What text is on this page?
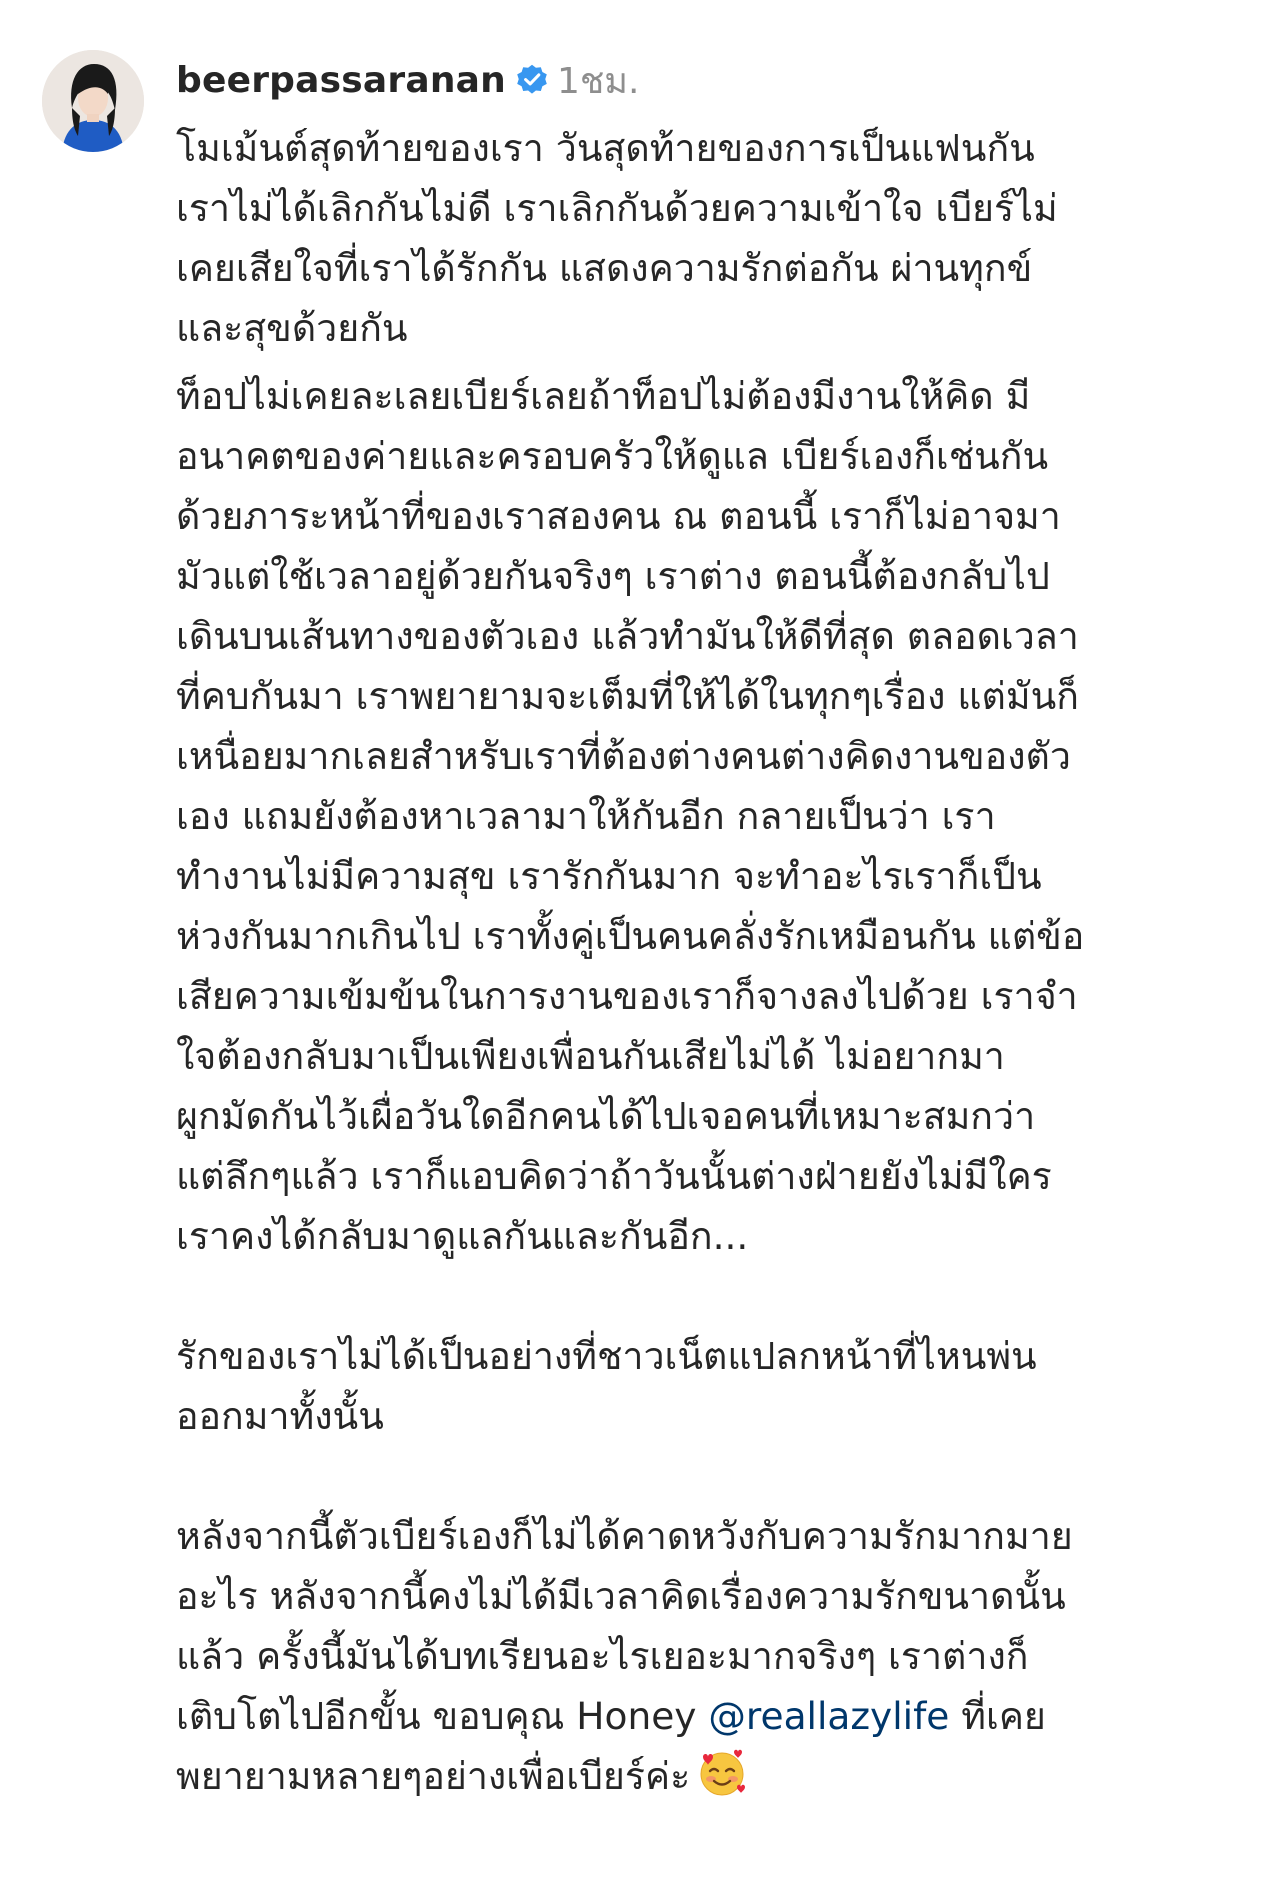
beerpassaranan 1ชม.

โมเม้นต์สุดท้ายของเรา วันสุดท้ายของการเป็นแฟนกัน
เราไม่ได้เลิกกันไม่ดี เราเลิกกันด้วยความเข้าใจ เบียร์ไม่
เคยเสียใจที่เราได้รักกัน แสดงความรักต่อกัน ผ่านทุกข์
และสุขด้วยกัน

ท็อปไม่เคยละเลยเบียร์เลยถ้าท็อปไม่ต้องมีงานให้คิด มี
อนาคตของค่ายและครอบครัวให้ดูแล เบียร์เองก็เช่นกัน
ด้วยภาระหน้าที่ของเราสองคน ณ ตอนนี้ เราก็ไม่อาจมา
มัวแต่ใช้เวลาอยู่ด้วยกันจริงๆ เราต่าง ตอนนี้ต้องกลับไป
เดินบนเส้นทางของตัวเอง แล้วทำมันให้ดีที่สุด ตลอดเวลา
ที่คบกันมา เราพยายามจะเต็มที่ให้ได้ในทุกๆเรื่อง แต่มันก็
เหนื่อยมากเลยสำหรับเราที่ต้องต่างคนต่างคิดงานของตัว
เอง แถมยังต้องหาเวลามาให้กันอีก กลายเป็นว่า เรา
ทำงานไม่มีความสุข เรารักกันมาก จะทำอะไรเราก็เป็น
ห่วงกันมากเกินไป เราทั้งคู่เป็นคนคลั่งรักเหมือนกัน แต่ข้อ
เสียความเข้มข้นในการงานของเราก็จางลงไปด้วย เราจำ
ใจต้องกลับมาเป็นเพียงเพื่อนกันเสียไม่ได้ ไม่อยากมา
ผูกมัดกันไว้เผื่อวันใดอีกคนได้ไปเจอคนที่เหมาะสมกว่า
แต่ลึกๆแล้ว เราก็แอบคิดว่าถ้าวันนั้นต่างฝ่ายยังไม่มีใคร
เราคงได้กลับมาดูแลกันและกันอีก...

รักของเราไม่ได้เป็นอย่างที่ชาวเน็ตแปลกหน้าที่ไหนพ่น
ออกมาทั้งนั้น

หลังจากนี้ตัวเบียร์เองก็ไม่ได้คาดหวังกับความรักมากมาย
อะไร หลังจากนี้คงไม่ได้มีเวลาคิดเรื่องความรักขนาดนั้น
แล้ว ครั้งนี้มันได้บทเรียนอะไรเยอะมากจริงๆ เราต่างก็
เติบโตไปอีกขั้น ขอบคุณ Honey @reallazylife ที่เคย
พยายามหลายๆอย่างเพื่อเบียร์ค่ะ
